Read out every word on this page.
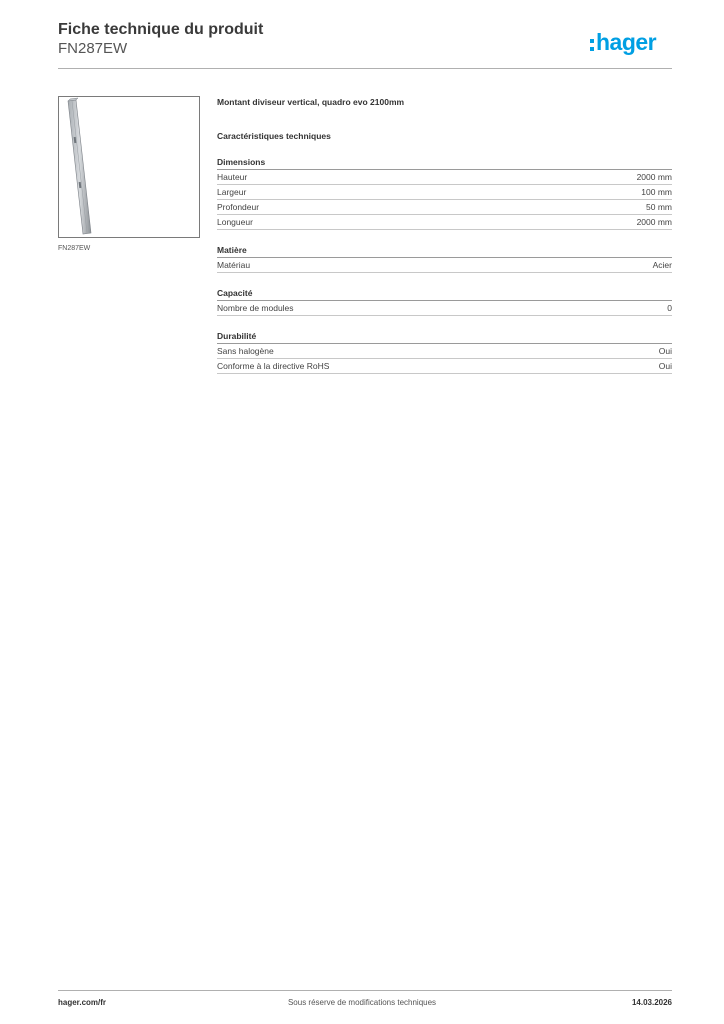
Fiche technique du produit
FN287EW	hager
FN287EW
Montant diviseur vertical, quadro evo 2100mm
Caractéristiques techniques
Dimensions
Hauteur	2000 mm
Largeur	100 mm
Profondeur	50 mm
Longueur	2000 mm
Matière
Matériau	Acier
Capacité
Nombre de modules	0
Durabilité
Sans halogène	Oui
Conforme à la directive RoHS	Oui
hager.com/fr	Sous réserve de modifications techniques	14.03.2026
